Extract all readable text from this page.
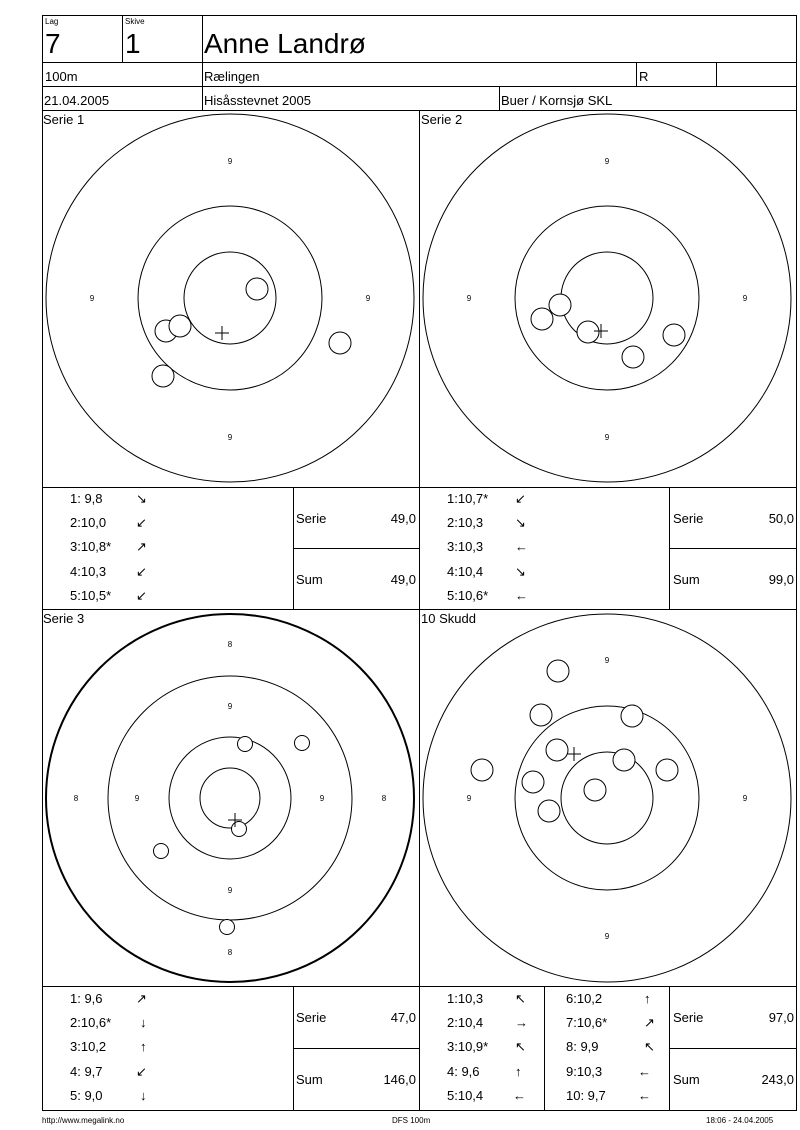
Lag
7
Skive
1 Anne Landrø
100m	Rælingen	R
21.04.2005	Hisåsstevnet 2005	Buer / Kornsjø SKL
Serie 1	Serie 2
Serie 3	10 Skudd
9
9
9	9
9
9
9	9
8
8
8	8
9
9
9	9
9
9
9	9
1: 9,8	↘
2:10,0 ↙
3:10,8* ↗
4:10,3 ↙
5:10,5* ↙
Serie	49,0
Sum	49,0
1:10,7* ↙
2:10,3 ↘
3:10,3 ←
4:10,4 ↘
5:10,6* ←
Serie	50,0
Sum	99,0
1: 9,6	↗
2:10,6* ↓
3:10,2	↑
4: 9,7	↙
5: 9,0	↓
Serie	47,0
Sum	146,0
1:10,3 ↖
2:10,4 →
3:10,9* ↖
4: 9,6	↑
5:10,4 ←
6:10,2	↑
7:10,6*	↗
8: 9,9	↖
9:10,3	←
10: 9,7 ←
Serie	97,0
Sum	243,0
http://www.megalink.no	DFS 100m	18:06 - 24.04.2005
